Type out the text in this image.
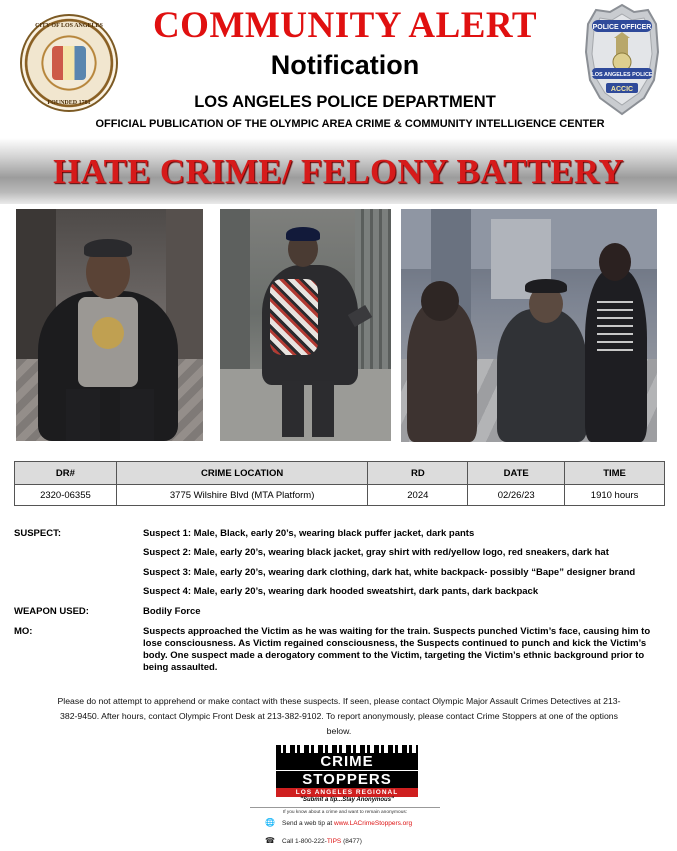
CITY OF LOS ANGELES
FOUNDED 1781
COMMUNITY ALERT
Notification
LOS ANGELES POLICE DEPARTMENT
OFFICIAL PUBLICATION OF THE OLYMPIC AREA CRIME & COMMUNITY INTELLIGENCE CENTER
POLICE OFFICER
LOS ANGELES POLICE
ACCIC
HATE CRIME/ FELONY BATTERY
DR#	CRIME LOCATION	RD	DATE	TIME
2320-06355	3775 Wilshire Blvd (MTA Platform)	2024	02/26/23	1910 hours
SUSPECT:	Suspect 1: Male, Black, early 20’s, wearing black puffer jacket, dark pants
Suspect 2: Male, early 20’s, wearing black jacket, gray shirt with red/yellow logo, red sneakers, dark hat
Suspect 3: Male, early 20’s, wearing dark clothing, dark hat, white backpack- possibly “Bape” designer brand
Suspect 4: Male, early 20’s, wearing dark hooded sweatshirt, dark pants, dark backpack
WEAPON USED:	Bodily Force
MO:	Suspects approached the Victim as he was waiting for the train. Suspects punched Victim’s face, causing him to lose consciousness. As Victim regained consciousness, the Suspects continued to punch and kick the Victim’s body. One suspect made a derogatory comment to the Victim, targeting the Victim’s ethnic background prior to being assaulted.
Please do not attempt to apprehend or make contact with these suspects. If seen, please contact Olympic Major Assault Crimes Detectives at 213-382-9450. After hours, contact Olympic Front Desk at 213-382-9102. To report anonymously, please contact Crime Stoppers at one of the options below.
CRIME
STOPPERS
LOS ANGELES REGIONAL
"Submit a tip...Stay Anonymous"
If you know about a crime and want to remain anonymous:
🌐 Send a web tip at www.LACrimeStoppers.org
☎ Call 1-800-222-TIPS (8477)
